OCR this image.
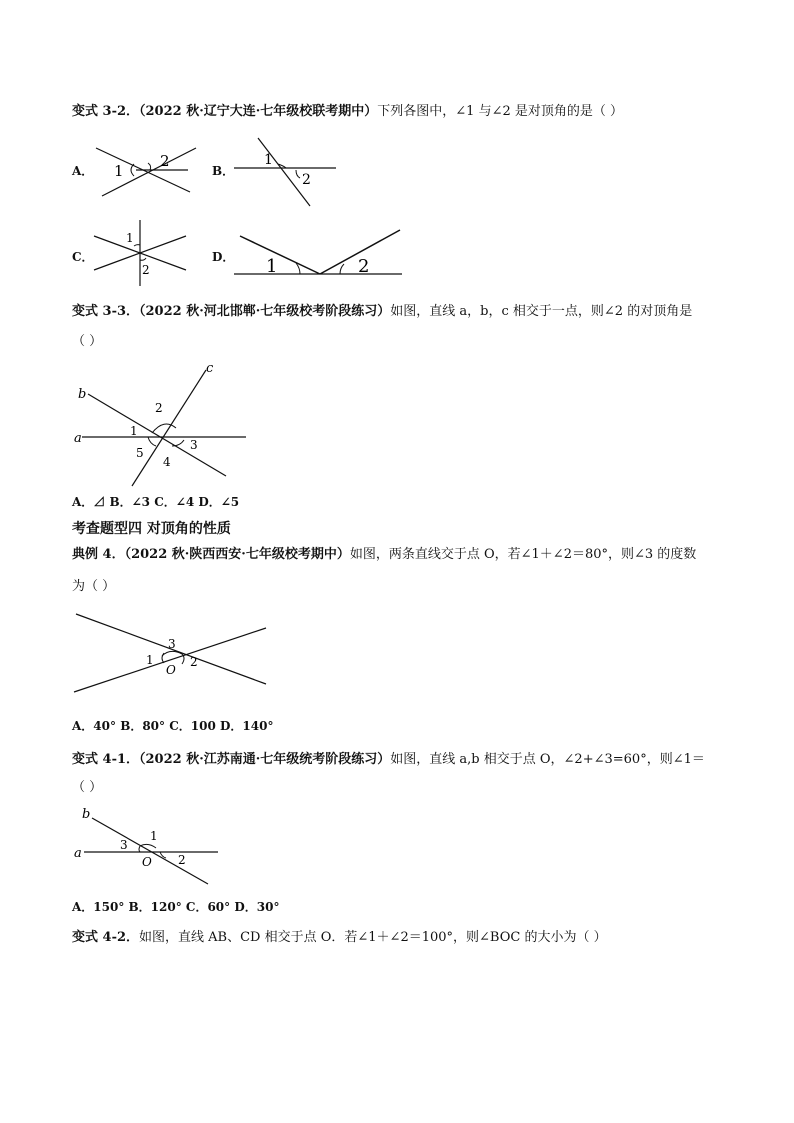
变式 3-2．（2022 秋·辽宁大连·七年级校联考期中）下列各图中，∠1 与∠2 是对顶角的是（ ）
A． 1
2
B．
1
2
C．
1
2
D． 1	2
变式 3-3．（2022 秋·河北邯郸·七年级校考阶段练习）如图，直线 a，b，c 相交于一点，则∠2 的对顶角是
（ ）
a
b
c
1
2
3
4
5
A．⊿ B．∠3 C．∠4 D．∠5
考查题型四 对顶角的性质
典例 4．（2022 秋·陕西西安·七年级校考期中）如图，两条直线交于点 O，若∠1＋∠2＝80°，则∠3 的度数
为（ ）
3
1	2
O
A．40° B．80° C．100 D．140°
变式 4-1．（2022 秋·江苏南通·七年级统考阶段练习）如图，直线 a,b 相交于点 O，∠2+∠3=60°，则∠1＝
（ ）
a
b
1
3
2
O
A．150° B．120° C．60° D．30°
变式 4-2．如图，直线 AB、CD 相交于点 O．若∠1＋∠2＝100°，则∠BOC 的大小为（ ）
